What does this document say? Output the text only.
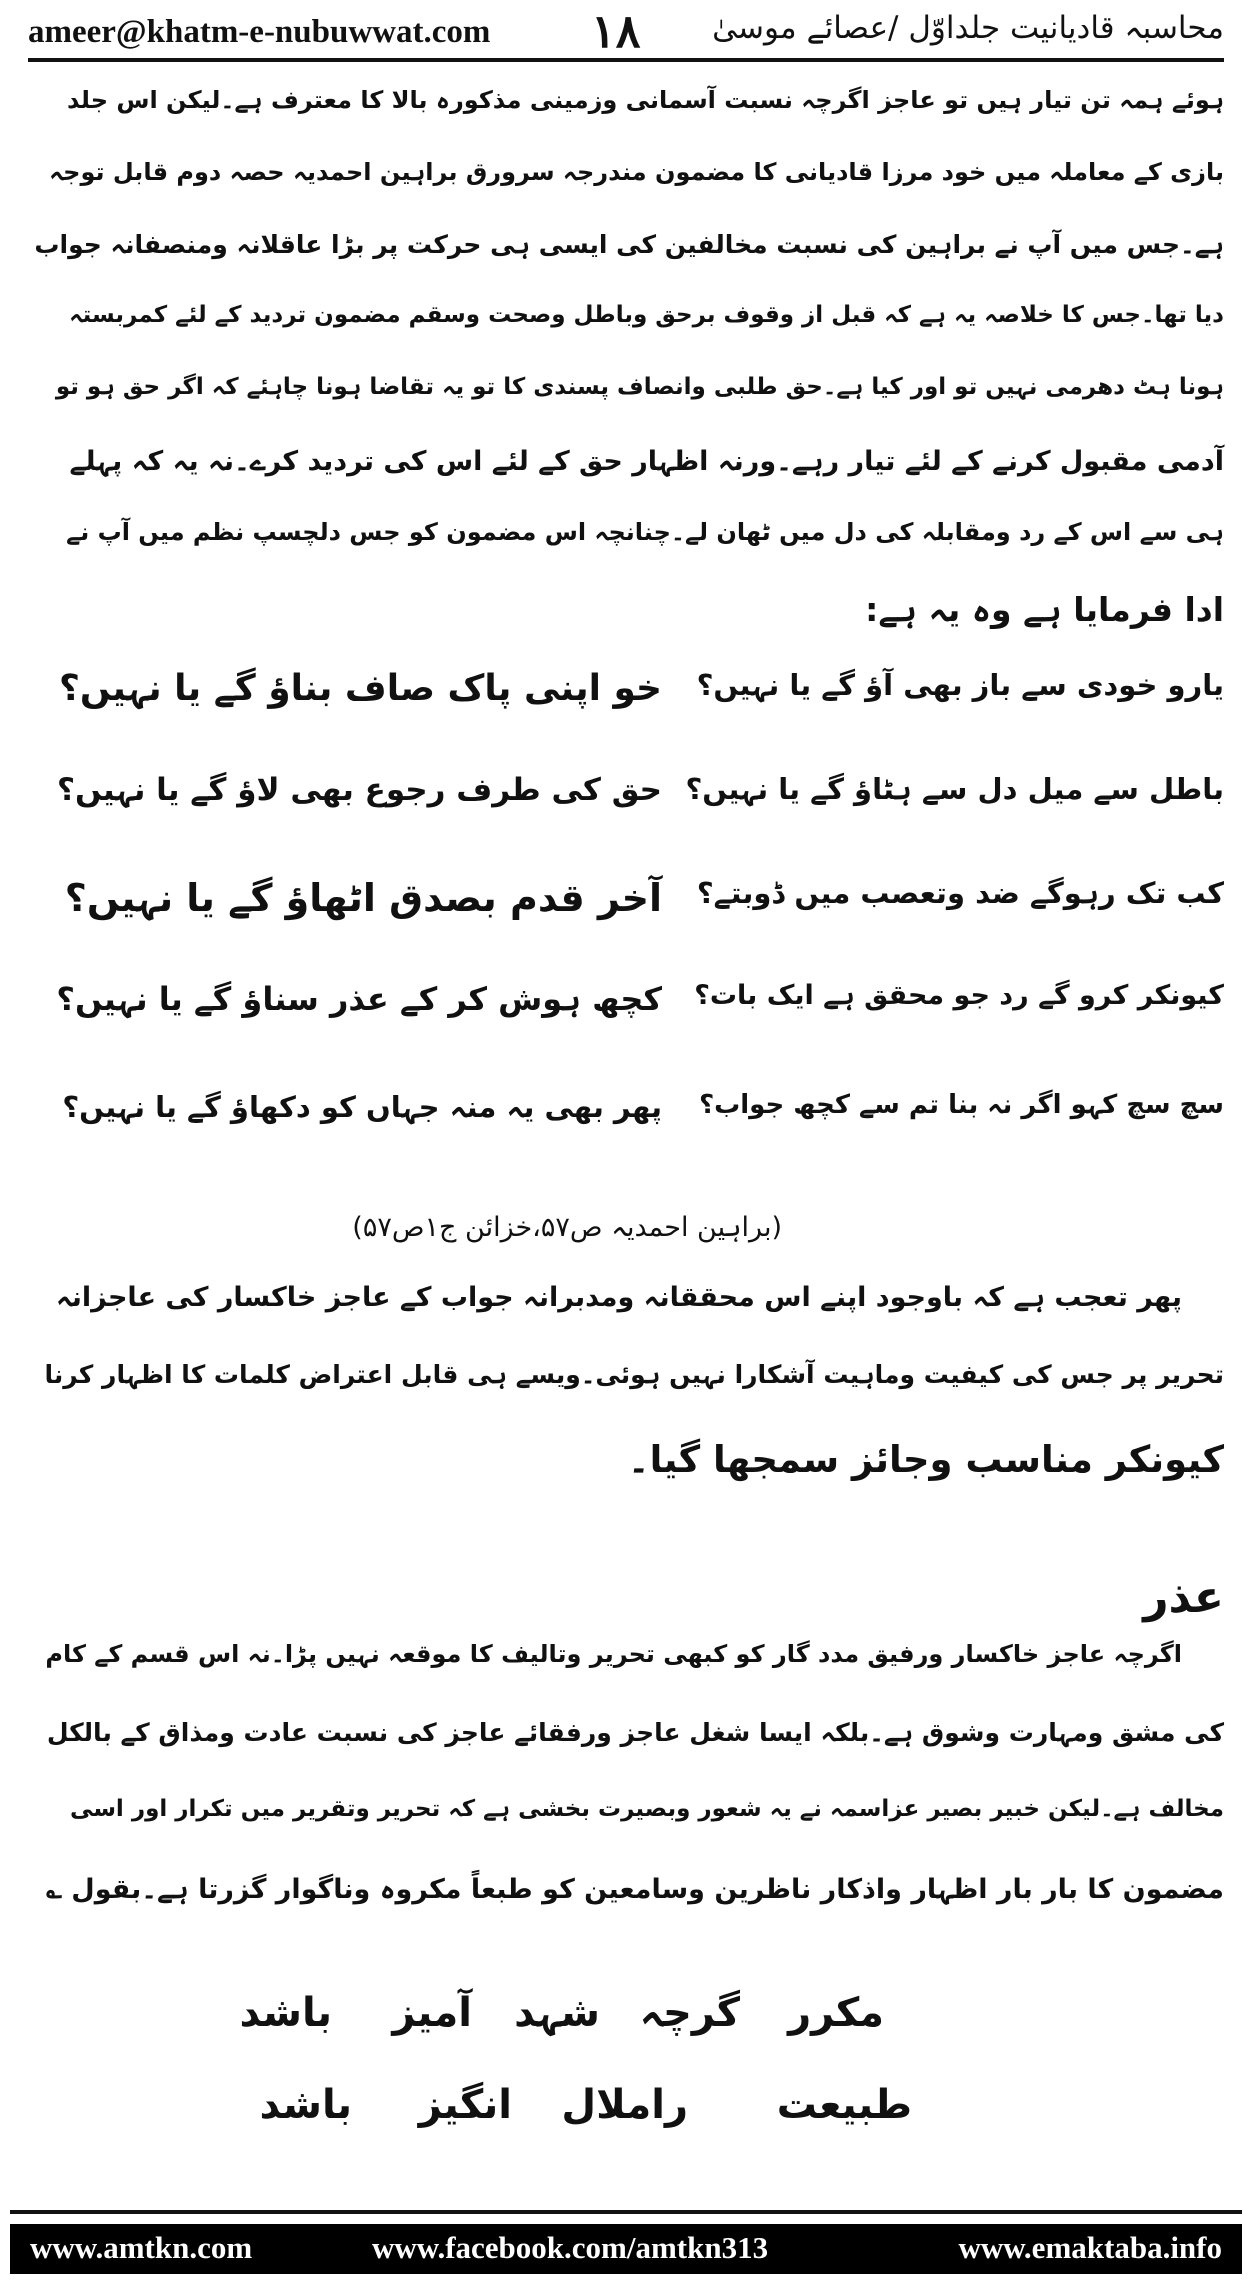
ameer@khatm-e-nubuwwat.com ۱۸ محاسبہ قادیانیت جلداوّل /عصائے موسیٰ
ہوئے ہمہ تن تیار ہیں تو عاجز اگرچہ نسبت آسمانی وزمینی مذکورہ بالا کا معترف ہے۔لیکن اس جلد
بازی کے معاملہ میں خود مرزا قادیانی کا مضمون مندرجہ سرورق براہین احمدیہ حصہ دوم قابل توجہ
ہے۔جس میں آپ نے براہین کی نسبت مخالفین کی ایسی ہی حرکت پر بڑا عاقلانہ ومنصفانہ جواب
دیا تھا۔جس کا خلاصہ یہ ہے کہ قبل از وقوف برحق وباطل وصحت وسقم مضمون تردید کے لئے کمربستہ
ہونا ہٹ دھرمی نہیں تو اور کیا ہے۔حق طلبی وانصاف پسندی کا تو یہ تقاضا ہونا چاہئے کہ اگر حق ہو تو
آدمی مقبول کرنے کے لئے تیار رہے۔ورنہ اظہار حق کے لئے اس کی تردید کرے۔نہ یہ کہ پہلے
ہی سے اس کے رد ومقابلہ کی دل میں ٹھان لے۔چنانچہ اس مضمون کو جس دلچسپ نظم میں آپ نے
ادا فرمایا ہے وہ یہ ہے:
یارو خودی سے باز بھی آؤ گے یا نہیں؟
خو اپنی پاک صاف بناؤ گے یا نہیں؟
باطل سے میل دل سے ہٹاؤ گے یا نہیں؟
حق کی طرف رجوع بھی لاؤ گے یا نہیں؟
کب تک رہوگے ضد وتعصب میں ڈوبتے؟
آخر قدم بصدق اٹھاؤ گے یا نہیں؟
کیونکر کرو گے رد جو محقق ہے ایک بات؟
کچھ ہوش کر کے عذر سناؤ گے یا نہیں؟
سچ سچ کہو اگر نہ بنا تم سے کچھ جواب؟
پھر بھی یہ منہ جہاں کو دکھاؤ گے یا نہیں؟
(براہین احمدیہ ص۵۷،خزائن ج۱ص۵۷)
پھر تعجب ہے کہ باوجود اپنے اس محققانہ ومدبرانہ جواب کے عاجز خاکسار کی عاجزانہ
تحریر پر جس کی کیفیت وماہیت آشکارا نہیں ہوئی۔ویسے ہی قابل اعتراض کلمات کا اظہار کرنا
کیونکر مناسب وجائز سمجھا گیا۔
عذر
اگرچہ عاجز خاکسار ورفیق مدد گار کو کبھی تحریر وتالیف کا موقعہ نہیں پڑا۔نہ اس قسم کے کام
کی مشق ومہارت وشوق ہے۔بلکہ ایسا شغل عاجز ورفقائے عاجز کی نسبت عادت ومذاق کے بالکل
مخالف ہے۔لیکن خبیر بصیر عزاسمہ نے یہ شعور وبصیرت بخشی ہے کہ تحریر وتقریر میں تکرار اور اسی
مضمون کا بار بار اظہار واذکار ناظرین وسامعین کو طبعاً مکروہ وناگوار گزرتا ہے۔بقول ؎
مکرر
گرچہ
شہد
آمیز
باشد
طبیعت
راملال
انگیز
باشد
www.amtkn.com	www.facebook.com/amtkn313	www.emaktaba.info
